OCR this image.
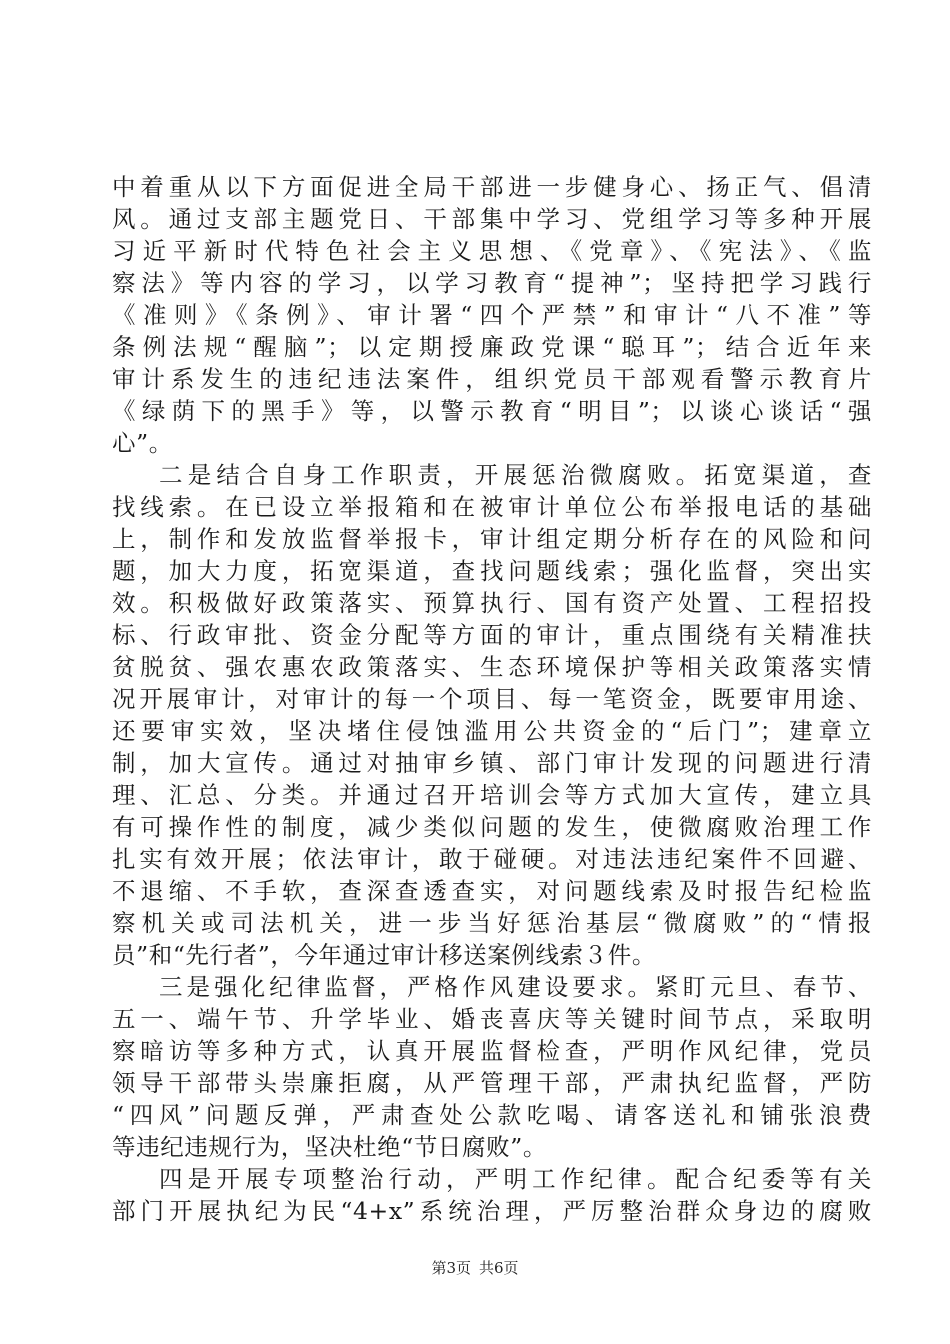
中着重从以下方面促进全局干部进一步健身心、扬正气、倡清
风。通过支部主题党日、干部集中学习、党组学习等多种开展
习近平新时代特色社会主义思想、《党章》、《宪法》、《监
察法》等内容的学习，以学习教育“提神”；坚持把学习践行
《准则》《条例》、审计署“四个严禁”和审计“八不准”等
条例法规“醒脑”；以定期授廉政党课“聪耳”；结合近年来
审计系发生的违纪违法案件，组织党员干部观看警示教育片
《绿荫下的黑手》等，以警示教育“明目”；以谈心谈话“强
心”。
二是结合自身工作职责，开展惩治微腐败。拓宽渠道，查
找线索。在已设立举报箱和在被审计单位公布举报电话的基础
上，制作和发放监督举报卡，审计组定期分析存在的风险和问
题，加大力度，拓宽渠道，查找问题线索；强化监督，突出实
效。积极做好政策落实、预算执行、国有资产处置、工程招投
标、行政审批、资金分配等方面的审计，重点围绕有关精准扶
贫脱贫、强农惠农政策落实、生态环境保护等相关政策落实情
况开展审计，对审计的每一个项目、每一笔资金，既要审用途、
还要审实效，坚决堵住侵蚀滥用公共资金的“后门”；建章立
制，加大宣传。通过对抽审乡镇、部门审计发现的问题进行清
理、汇总、分类。并通过召开培训会等方式加大宣传，建立具
有可操作性的制度，减少类似问题的发生，使微腐败治理工作
扎实有效开展；依法审计，敢于碰硬。对违法违纪案件不回避、
不退缩、不手软，查深查透查实，对问题线索及时报告纪检监
察机关或司法机关，进一步当好惩治基层“微腐败”的“情报
员”和“先行者”，今年通过审计移送案例线索３件。
三是强化纪律监督，严格作风建设要求。紧盯元旦、春节、
五一、端午节、升学毕业、婚丧喜庆等关键时间节点，采取明
察暗访等多种方式，认真开展监督检查，严明作风纪律，党员
领导干部带头崇廉拒腐，从严管理干部，严肃执纪监督，严防
“四风”问题反弹，严肃查处公款吃喝、请客送礼和铺张浪费
等违纪违规行为，坚决杜绝“节日腐败”。
四是开展专项整治行动，严明工作纪律。配合纪委等有关
部门开展执纪为民“4+x”系统治理，严厉整治群众身边的腐败
第3页 共6页
